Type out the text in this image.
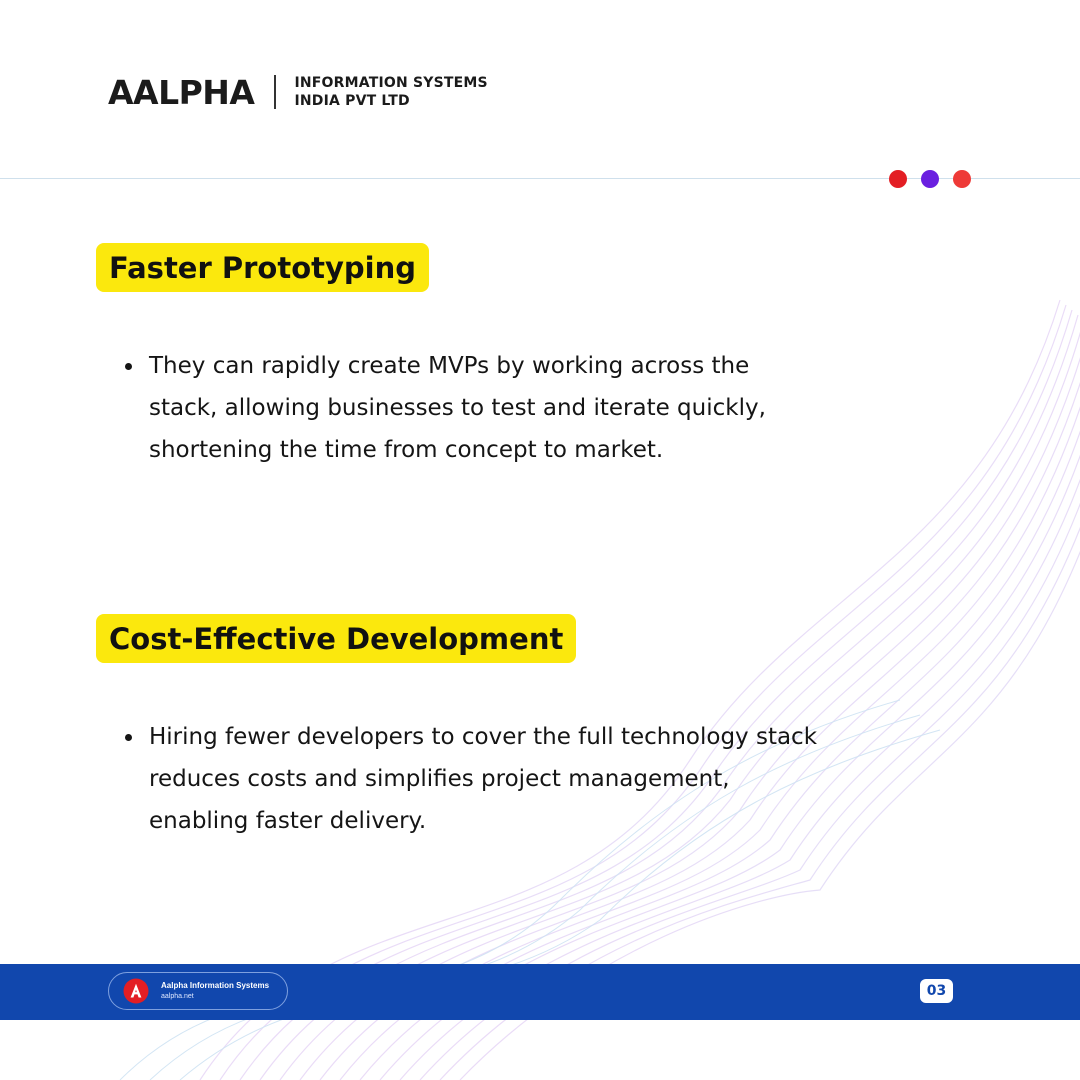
AALPHA	INFORMATION SYSTEMS
INDIA PVT LTD
Faster Prototyping
They can rapidly create MVPs by working across the
stack, allowing businesses to test and iterate quickly,
shortening the time from concept to market.
Cost-Effective Development
Hiring fewer developers to cover the full technology stack
reduces costs and simplifies project management,
enabling faster delivery.
Aalpha Information Systems
aalpha.net	03
